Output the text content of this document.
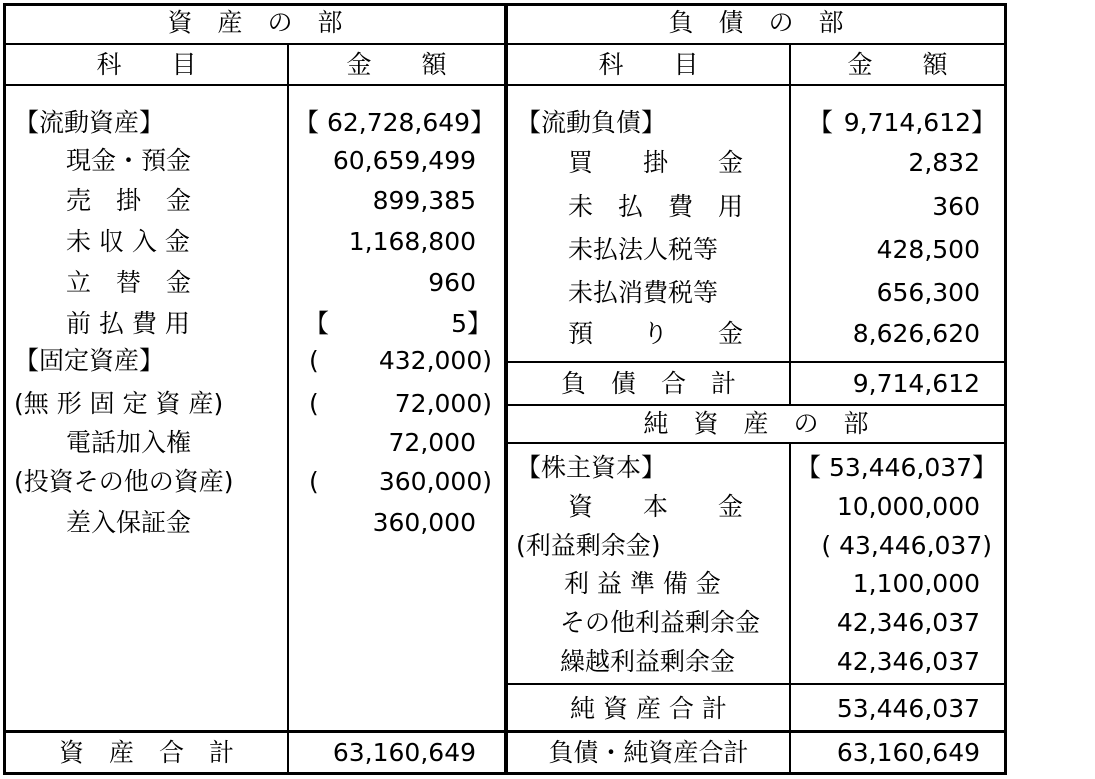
資　産　の　部	負　債　の　部
科　　目	金　　額	科　　目	金　　額
【流動資産】	【 62,728,649】
現金・預金	60,659,499
売　掛　金	899,385
未 収 入 金	1,168,800
立　替　金	960
前 払 費 用	【	5】
【固定資産】	(	432,000)
(無 形 固 定 資 産)	(	72,000)
電話加入権	72,000
(投資その他の資産)	(	360,000)
差入保証金	360,000
【流動負債】	【 9,714,612】
買　　掛　　金	2,832
未　払　費　用	360
未払法人税等	428,500
未払消費税等	656,300
預　　り　　金	8,626,620
負　債　合　計	9,714,612
純　資　産　の　部
【株主資本】	【 53,446,037】
資　　本　　金	10,000,000
(利益剰余金)	( 43,446,037)
利 益 準 備 金	1,100,000
その他利益剰余金	42,346,037
繰越利益剰余金	42,346,037
純 資 産 合 計	53,446,037
資　産　合　計	63,160,649	負債・純資産合計	63,160,649
